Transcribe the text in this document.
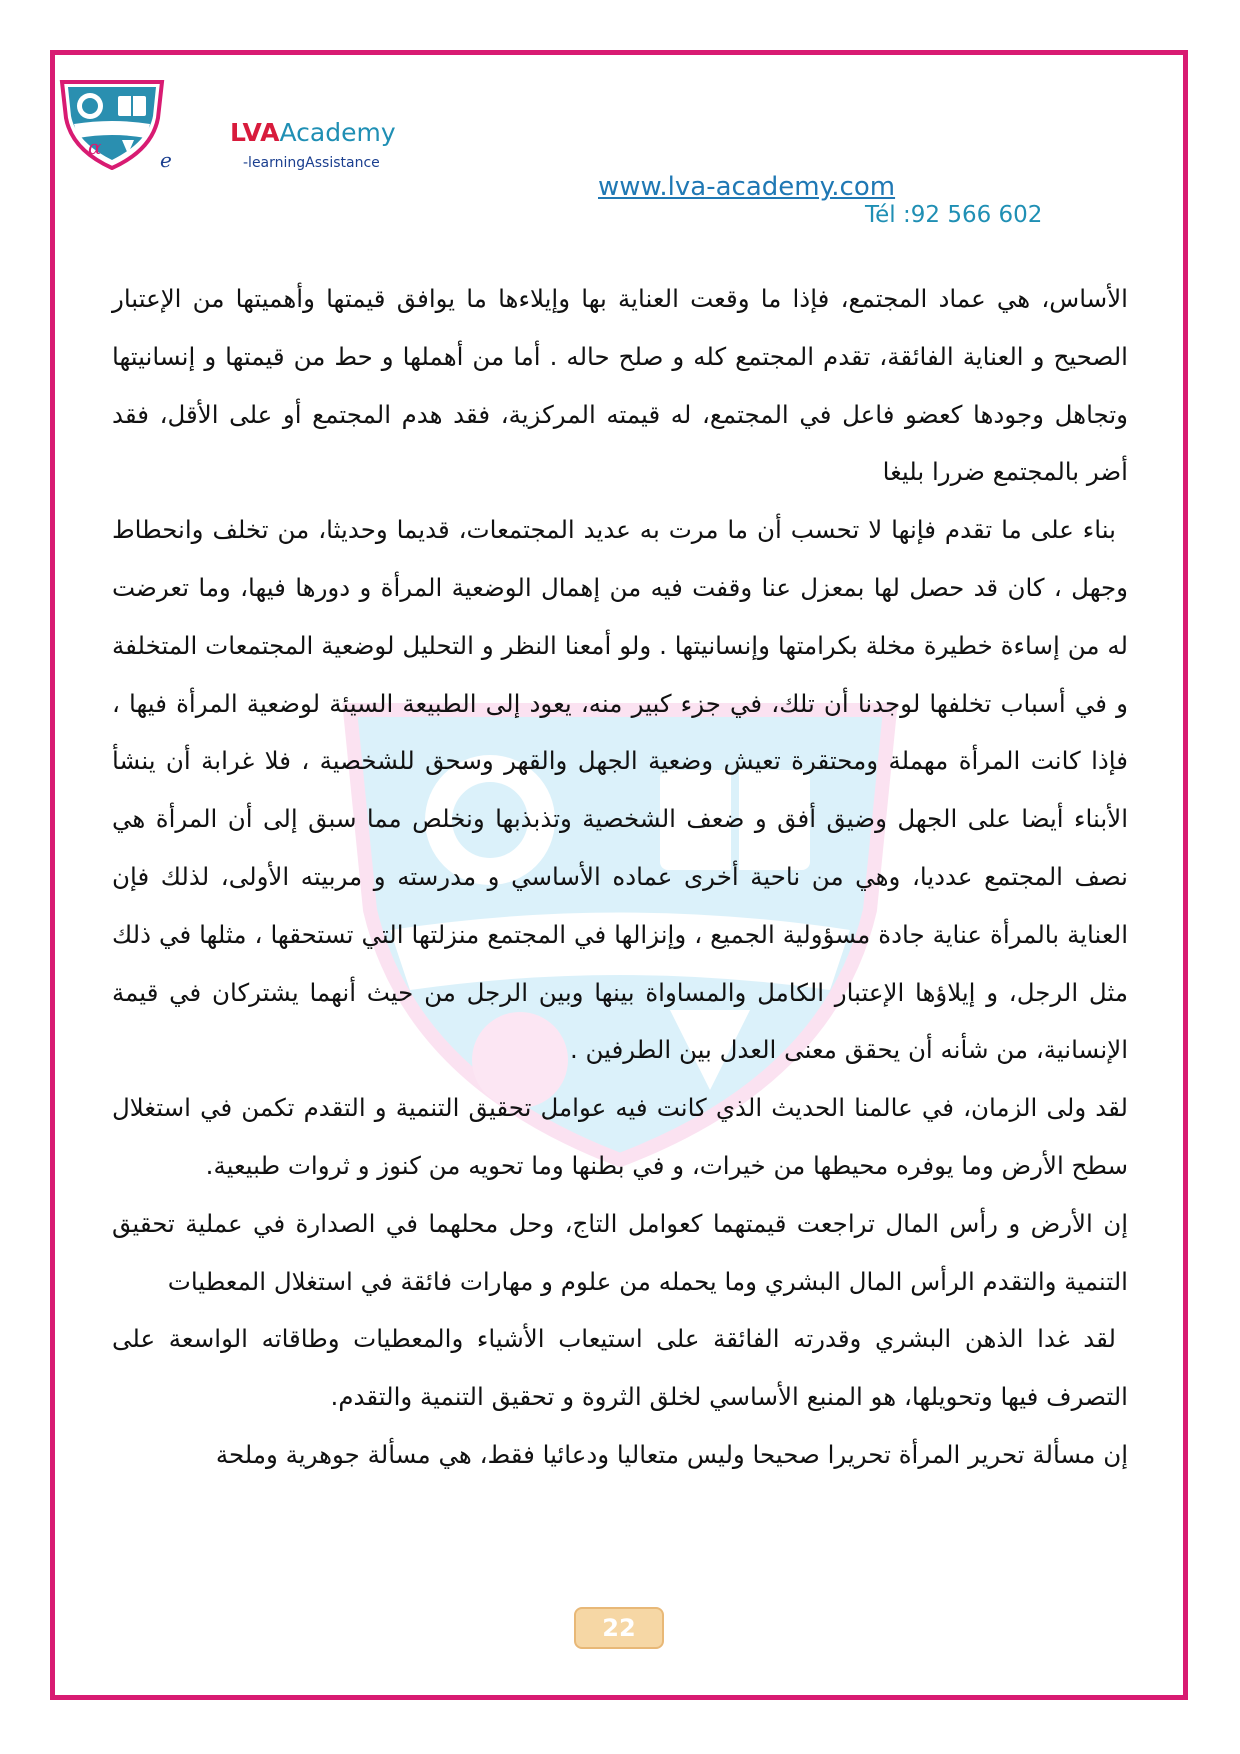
α
e
LVAAcademy
-learningAssistance
www.lva-academy.com
Tél :92 566 602

الأساس، هي عماد المجتمع، فإذا ما وقعت العناية بها وإيلاءها ما يوافق قيمتها وأهميتها من الإعتبار الصحيح و العناية الفائقة، تقدم المجتمع كله و صلح حاله . أما من أهملها و حط من قيمتها و إنسانيتها وتجاهل وجودها كعضو فاعل في المجتمع، له قيمته المركزية، فقد هدم المجتمع أو على الأقل، فقد أضر بالمجتمع ضررا بليغا

بناء على ما تقدم فإنها لا تحسب أن ما مرت به عديد المجتمعات، قديما وحديثا، من تخلف وانحطاط وجهل ، كان قد حصل لها بمعزل عنا وقفت فيه من إهمال الوضعية المرأة و دورها فيها، وما تعرضت له من إساءة خطيرة مخلة بكرامتها وإنسانيتها . ولو أمعنا النظر و التحليل لوضعية المجتمعات المتخلفة و في أسباب تخلفها لوجدنا أن تلك، في جزء كبير منه، يعود إلى الطبيعة السيئة لوضعية المرأة فيها ، فإذا كانت المرأة مهملة ومحتقرة تعيش وضعية الجهل والقهر وسحق للشخصية ، فلا غرابة أن ينشأ الأبناء أيضا على الجهل وضيق أفق و ضعف الشخصية وتذبذبها ونخلص مما سبق إلى أن المرأة هي نصف المجتمع عدديا، وهي من ناحية أخرى عماده الأساسي و مدرسته و مربيته الأولى، لذلك فإن العناية بالمرأة عناية جادة مسؤولية الجميع ، وإنزالها في المجتمع منزلتها التي تستحقها ، مثلها في ذلك مثل الرجل، و إيلاؤها الإعتبار الكامل والمساواة بينها وبين الرجل من حيث أنهما يشتركان في قيمة الإنسانية، من شأنه أن يحقق معنى العدل بين الطرفين .

لقد ولى الزمان، في عالمنا الحديث الذي كانت فيه عوامل تحقيق التنمية و التقدم تكمن في استغلال سطح الأرض وما يوفره محيطها من خيرات، و في بطنها وما تحويه من كنوز و ثروات طبيعية.

إن الأرض و رأس المال تراجعت قيمتهما كعوامل التاج، وحل محلهما في الصدارة في عملية تحقيق التنمية والتقدم الرأس المال البشري وما يحمله من علوم و مهارات فائقة في استغلال المعطيات

لقد غدا الذهن البشري وقدرته الفائقة على استيعاب الأشياء والمعطيات وطاقاته الواسعة على التصرف فيها وتحويلها، هو المنبع الأساسي لخلق الثروة و تحقيق التنمية والتقدم.

إن مسألة تحرير المرأة تحريرا صحيحا وليس متعاليا ودعائيا فقط، هي مسألة جوهرية وملحة

22
